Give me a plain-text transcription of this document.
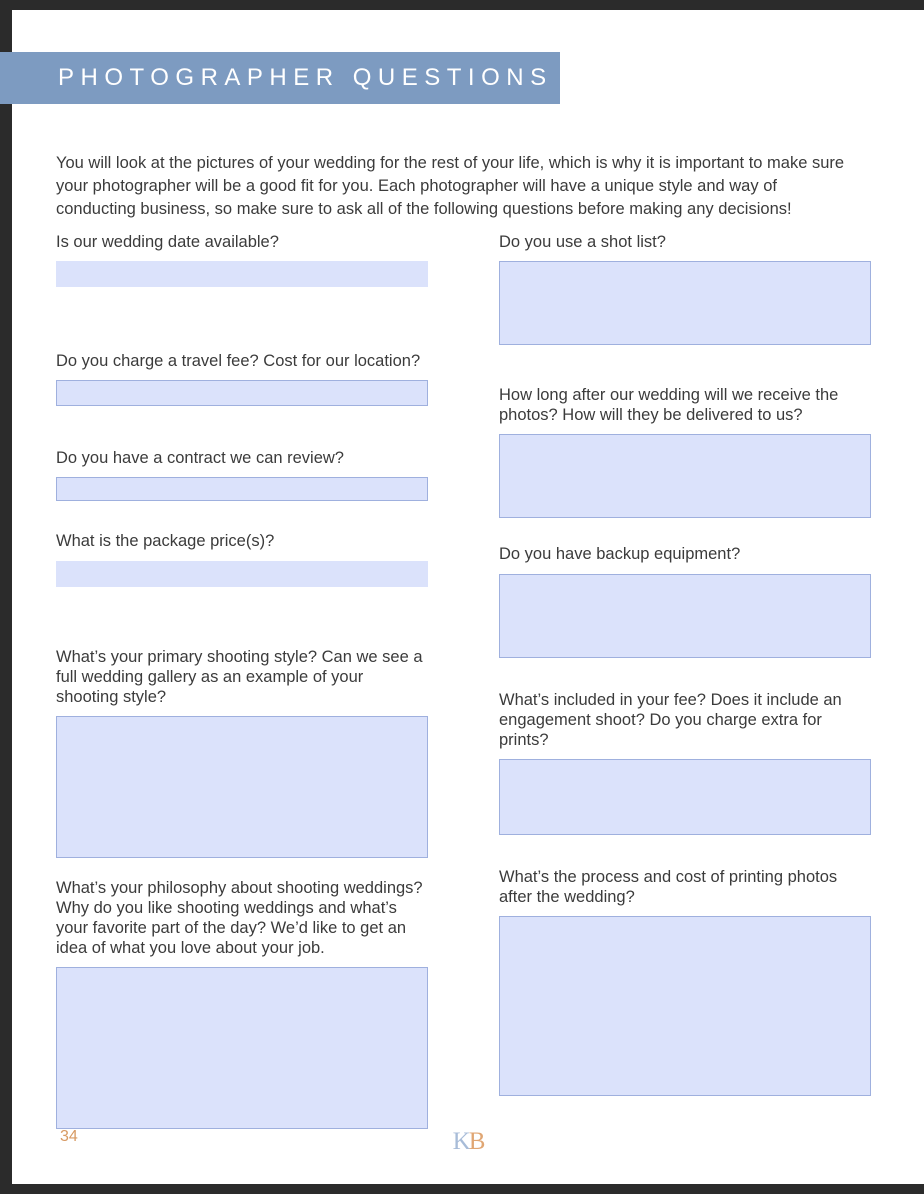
PHOTOGRAPHER QUESTIONS

You will look at the pictures of your wedding for the rest of your life, which is why it is important to make sure your photographer will be a good fit for you. Each photographer will have a unique style and way of conducting business, so make sure to ask all of the following questions before making any decisions!

Is our wedding date available?

Do you charge a travel fee? Cost for our location?

Do you have a contract we can review?

What is the package price(s)?

What’s your primary shooting style? Can we see a full wedding gallery as an example of your shooting style?

What’s your philosophy about shooting weddings? Why do you like shooting weddings and what’s your favorite part of the day? We’d like to get an idea of what you love about your job.

Do you use a shot list?

How long after our wedding will we receive the photos? How will they be delivered to us?

Do you have backup equipment?

What’s included in your fee? Does it include an engagement shoot? Do you charge extra for prints?

What’s the process and cost of printing photos after the wedding?

34	KB
